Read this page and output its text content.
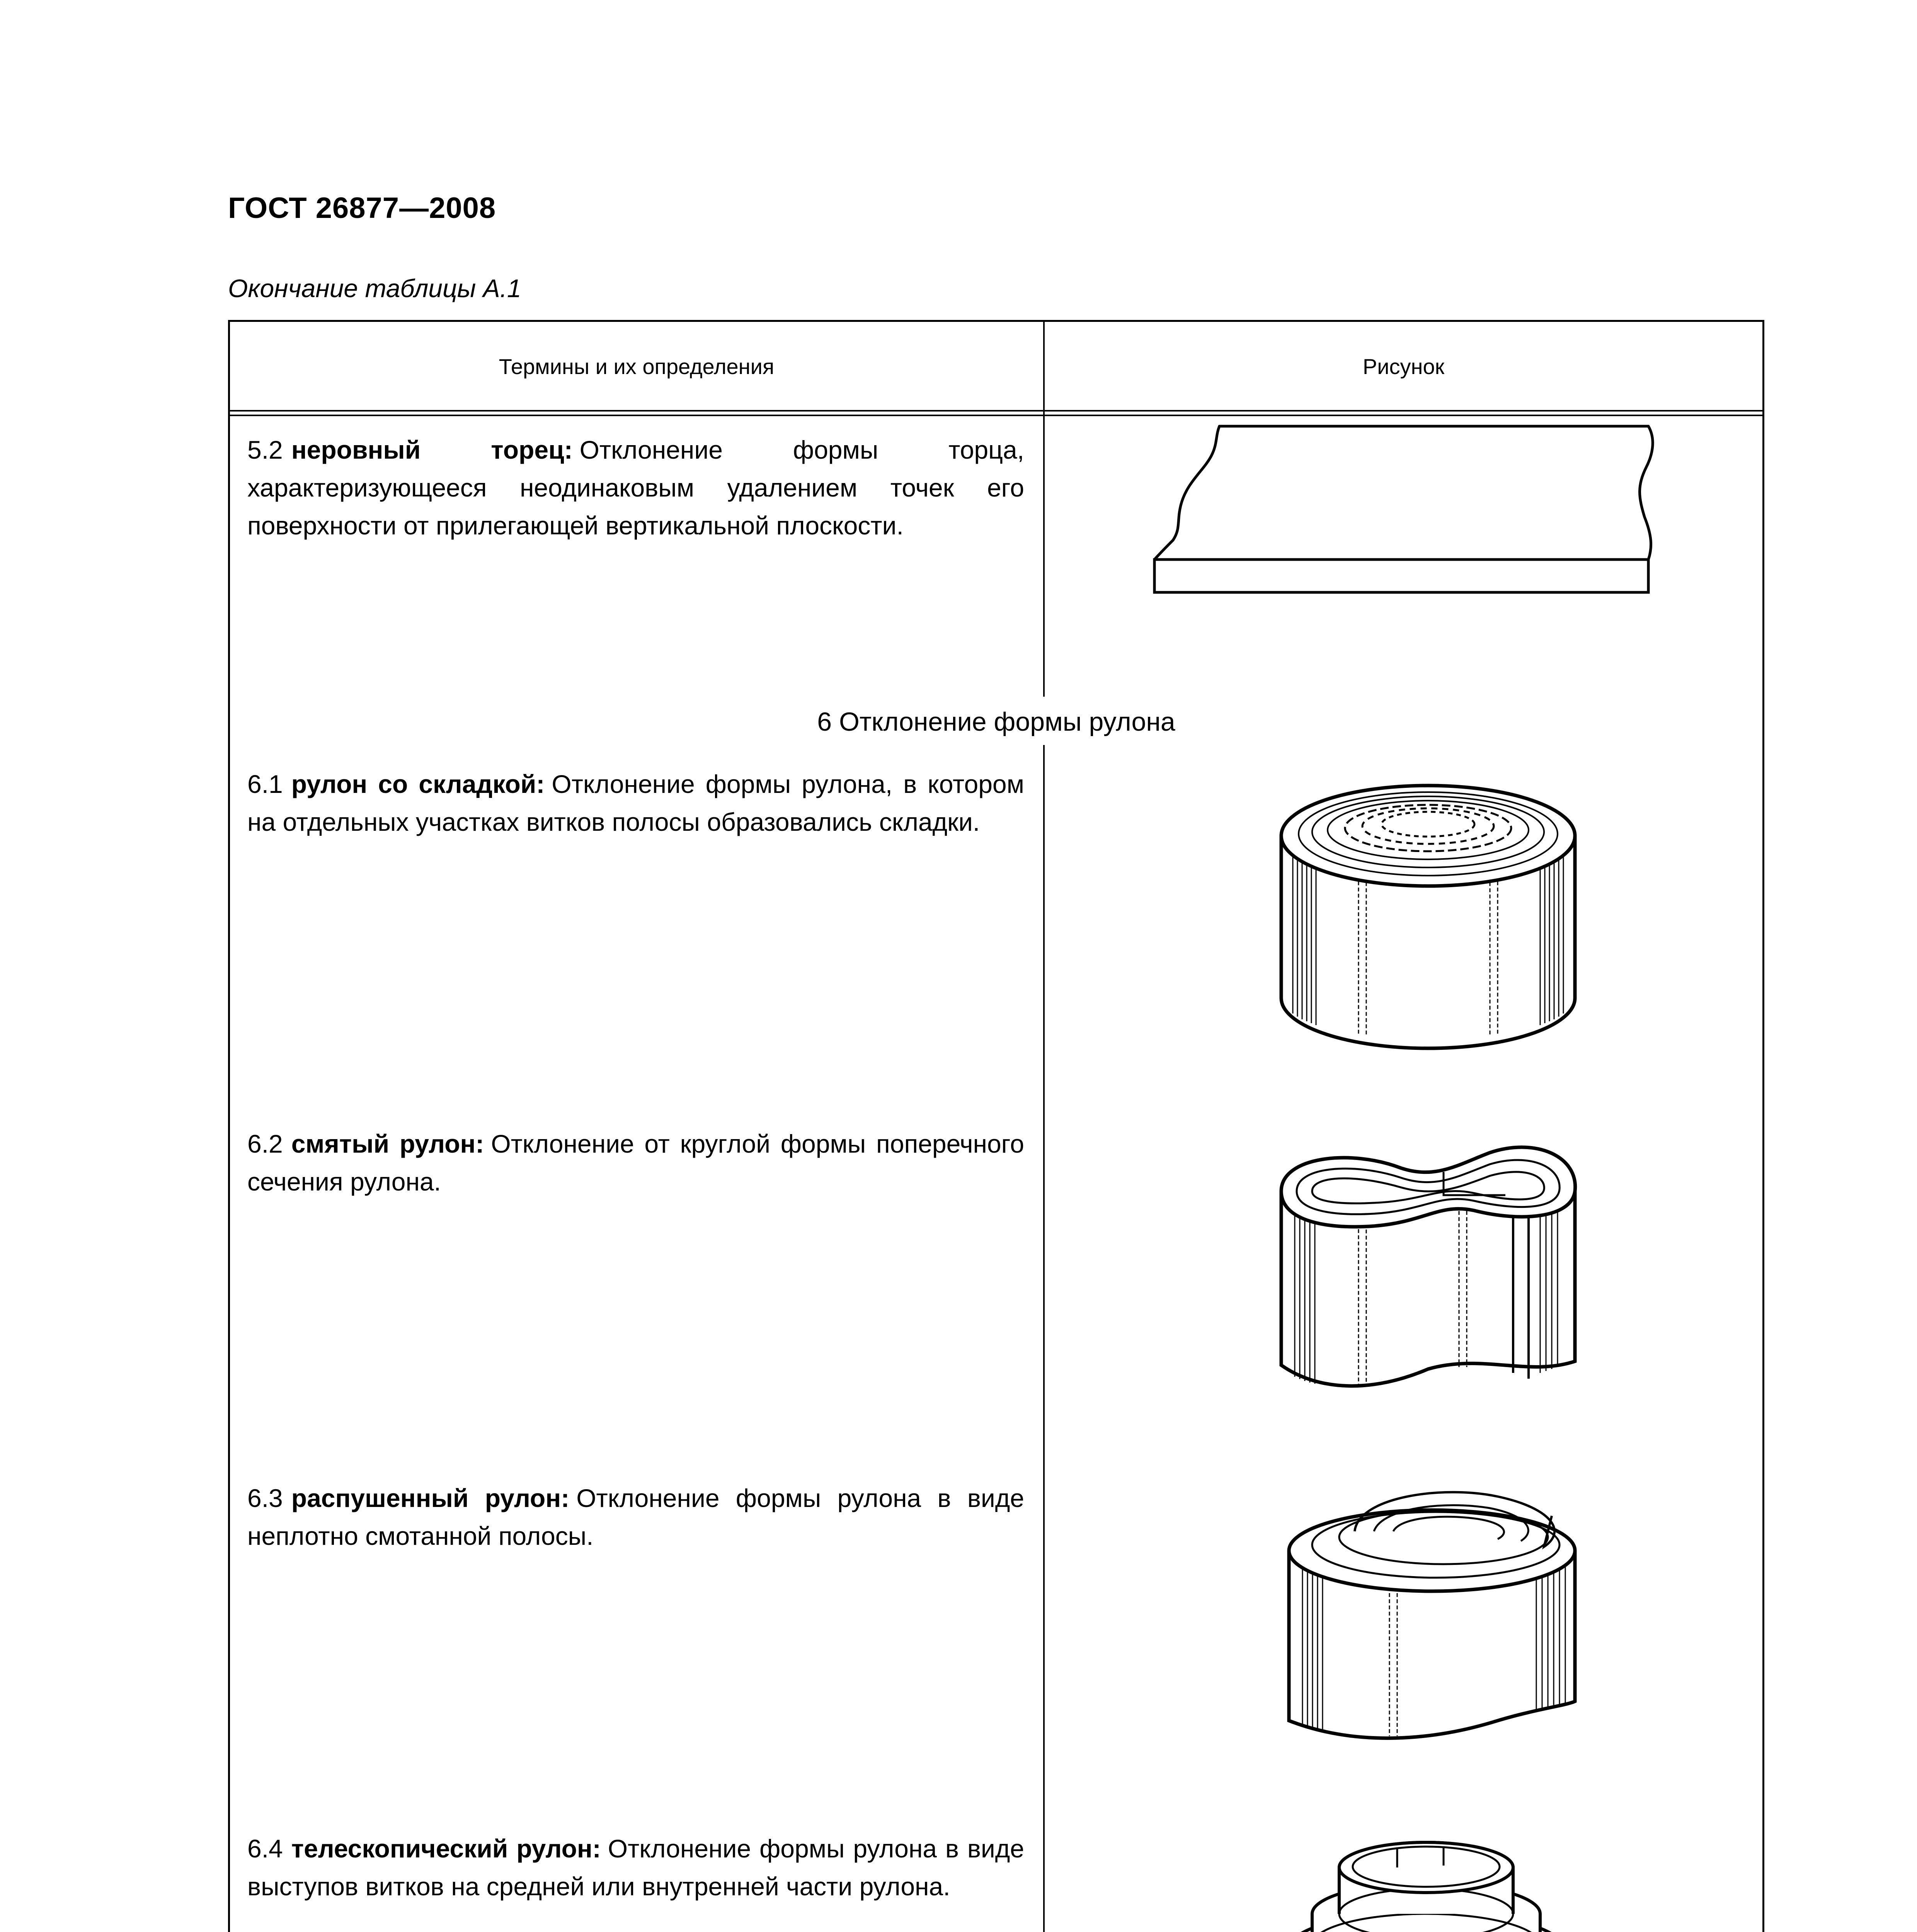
ГОСТ 26877—2008
Окончание таблицы А.1
Термины и их определения	Рисунок
5.2 неровный торец: Отклонение формы торца, характеризующееся неодинаковым удалением точек его поверхности от прилегающей вертикальной плоскости.
6 Отклонение формы рулона
6.1 рулон со складкой: Отклонение формы рулона, в котором на отдельных участках витков полосы образовались складки.
6.2 смятый рулон: Отклонение от круглой формы поперечного сечения рулона.
6.3 распушенный рулон: Отклонение формы рулона в виде неплотно смотанной полосы.
6.4 телескопический рулон: Отклонение формы рулона в виде выступов витков на средней или внутренней части рулона.
